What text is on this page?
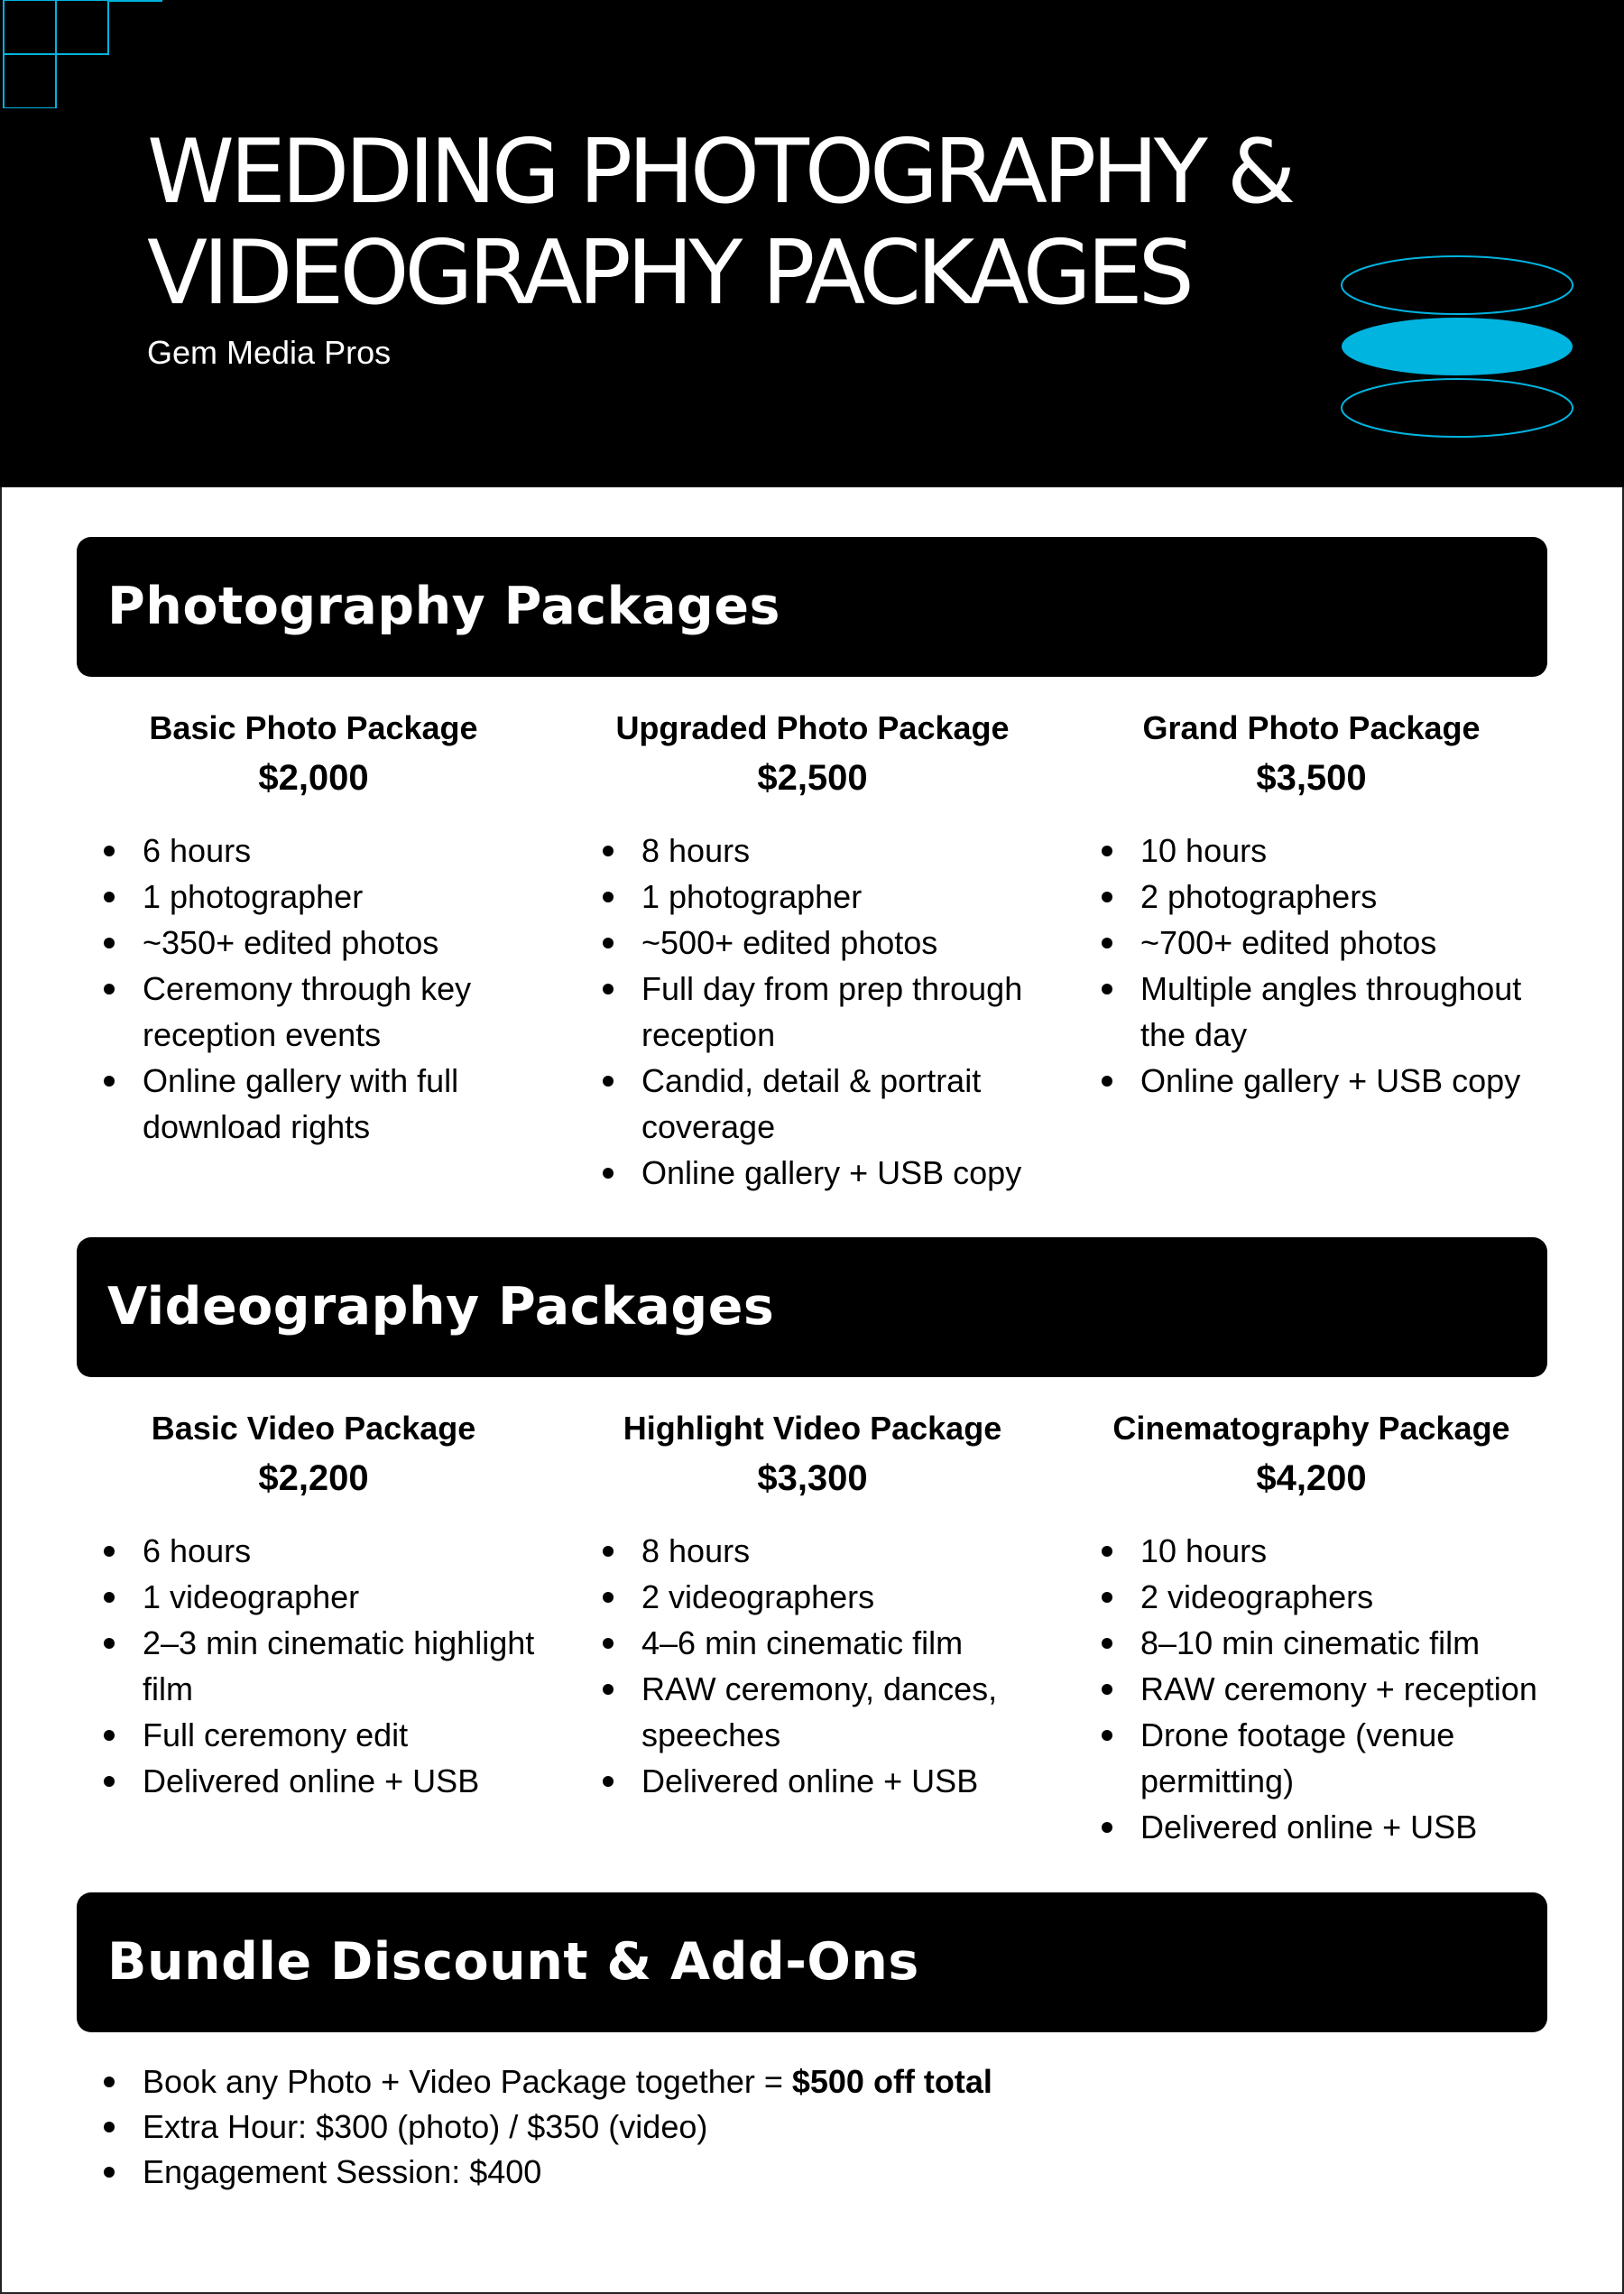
WEDDING PHOTOGRAPHY &
VIDEOGRAPHY PACKAGES
Gem Media Pros
Photography Packages
Basic Photo Package
$2,000
6 hours
1 photographer
~350+ edited photos
Ceremony through key reception events
Online gallery with full download rights
Upgraded Photo Package
$2,500
8 hours
1 photographer
~500+ edited photos
Full day from prep through reception
Candid, detail & portrait coverage
Online gallery + USB copy
Grand Photo Package
$3,500
10 hours
2 photographers
~700+ edited photos
Multiple angles throughout the day
Online gallery + USB copy
Videography Packages
Basic Video Package
$2,200
6 hours
1 videographer
2–3 min cinematic highlight film
Full ceremony edit
Delivered online + USB
Highlight Video Package
$3,300
8 hours
2 videographers
4–6 min cinematic film
RAW ceremony, dances, speeches
Delivered online + USB
Cinematography Package
$4,200
10 hours
2 videographers
8–10 min cinematic film
RAW ceremony + reception
Drone footage (venue permitting)
Delivered online + USB
Bundle Discount & Add-Ons
Book any Photo + Video Package together = $500 off total
Extra Hour: $300 (photo) / $350 (video)
Engagement Session: $400
